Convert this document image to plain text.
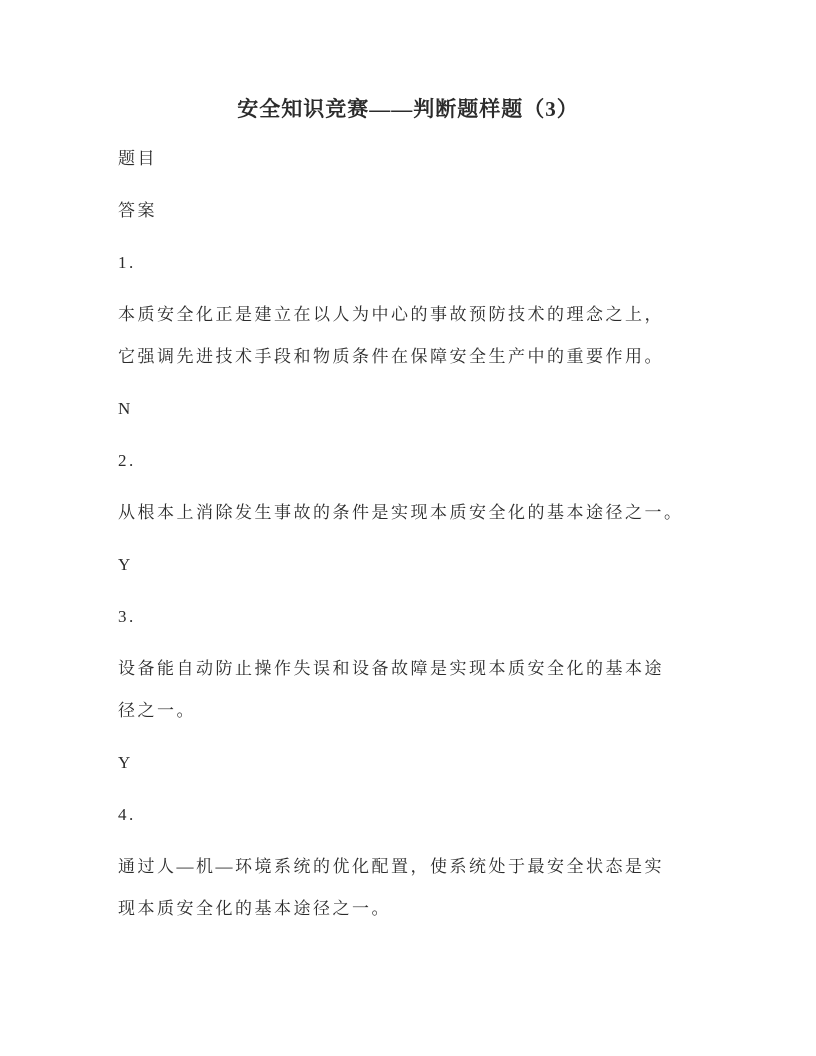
安全知识竞赛——判断题样题（3）

题目

答案

1.

本质安全化正是建立在以人为中心的事故预防技术的理念之上，
它强调先进技术手段和物质条件在保障安全生产中的重要作用。

N

2.

从根本上消除发生事故的条件是实现本质安全化的基本途径之一。

Y

3.

设备能自动防止操作失误和设备故障是实现本质安全化的基本途
径之一。

Y

4.

通过人—机—环境系统的优化配置，使系统处于最安全状态是实
现本质安全化的基本途径之一。
